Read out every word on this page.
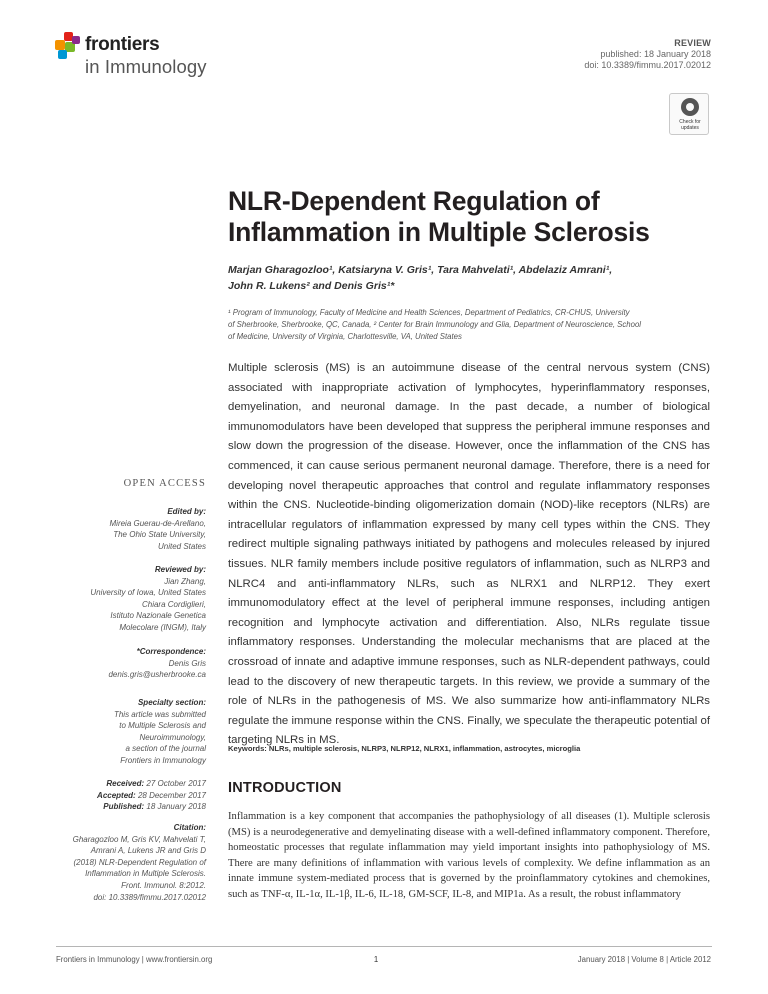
frontiers
in Immunology
REVIEW
published: 18 January 2018
doi: 10.3389/fimmu.2017.02012
Check for
updates
NLR-Dependent Regulation of
Inflammation in Multiple Sclerosis
Marjan Gharagozloo¹, Katsiaryna V. Gris¹, Tara Mahvelati¹, Abdelaziz Amrani¹,
John R. Lukens² and Denis Gris¹*
¹ Program of Immunology, Faculty of Medicine and Health Sciences, Department of Pediatrics, CR-CHUS, University
of Sherbrooke, Sherbrooke, QC, Canada, ² Center for Brain Immunology and Glia, Department of Neuroscience, School
of Medicine, University of Virginia, Charlottesville, VA, United States
Multiple sclerosis (MS) is an autoimmune disease of the central nervous system (CNS) associated with inappropriate activation of lymphocytes, hyperinflammatory responses, demyelination, and neuronal damage. In the past decade, a number of biological immunomodulators have been developed that suppress the peripheral immune responses and slow down the progression of the disease. However, once the inflammation of the CNS has commenced, it can cause serious permanent neuronal damage. Therefore, there is a need for developing novel therapeutic approaches that control and regulate inflammatory responses within the CNS. Nucleotide-binding oligomerization domain (NOD)-like receptors (NLRs) are intracellular regulators of inflammation expressed by many cell types within the CNS. They redirect multiple signaling pathways initiated by pathogens and molecules released by injured tissues. NLR family members include positive regulators of inflammation, such as NLRP3 and NLRC4 and anti-inflammatory NLRs, such as NLRX1 and NLRP12. They exert immunomodulatory effect at the level of peripheral immune responses, including antigen recognition and lymphocyte activation and differentiation. Also, NLRs regulate tissue inflammatory responses. Understanding the molecular mechanisms that are placed at the crossroad of innate and adaptive immune responses, such as NLR-dependent pathways, could lead to the discovery of new therapeutic targets. In this review, we provide a summary of the role of NLRs in the pathogenesis of MS. We also summarize how anti-inflammatory NLRs regulate the immune response within the CNS. Finally, we speculate the therapeutic potential of targeting NLRs in MS.
Keywords: NLRs, multiple sclerosis, NLRP3, NLRP12, NLRX1, inflammation, astrocytes, microglia
OPEN ACCESS
Edited by:
Mireia Guerau-de-Arellano,
The Ohio State University,
United States
Reviewed by:
Jian Zhang,
University of Iowa, United States
Chiara Cordiglieri,
Istituto Nazionale Genetica
Molecolare (INGM), Italy
*Correspondence:
Denis Gris
denis.gris@usherbrooke.ca
Specialty section:
This article was submitted
to Multiple Sclerosis and
Neuroimmunology,
a section of the journal
Frontiers in Immunology
Received: 27 October 2017
Accepted: 28 December 2017
Published: 18 January 2018
Citation:
Gharagozloo M, Gris KV, Mahvelati T,
Amrani A, Lukens JR and Gris D
(2018) NLR-Dependent Regulation of
Inflammation in Multiple Sclerosis.
Front. Immunol. 8:2012.
doi: 10.3389/fimmu.2017.02012
INTRODUCTION
Inflammation is a key component that accompanies the pathophysiology of all diseases (1). Multiple sclerosis (MS) is a neurodegenerative and demyelinating disease with a well-defined inflammatory component. Therefore, homeostatic processes that regulate inflammation may yield important insights into pathophysiology of MS. There are many definitions of inflammation with various levels of complexity. We define inflammation as an innate immune system-mediated process that is governed by the proinflammatory cytokines and chemokines, such as TNF-α, IL-1α, IL-1β, IL-6, IL-18, GM-SCF, IL-8, and MIP1a. As a result, the robust inflammatory
Frontiers in Immunology | www.frontiersin.org	1	January 2018 | Volume 8 | Article 2012
